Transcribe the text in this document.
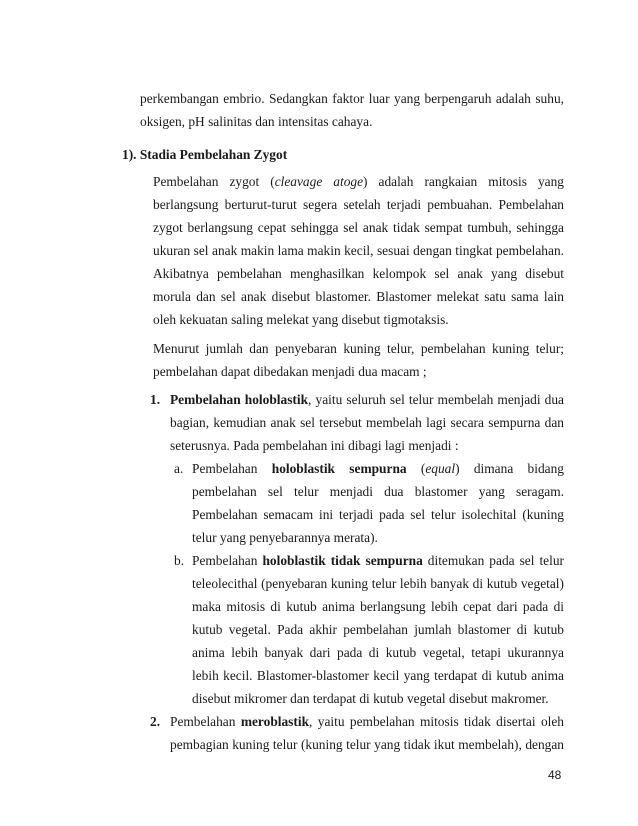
perkembangan embrio. Sedangkan faktor luar yang berpengaruh adalah suhu,
oksigen, pH salinitas dan intensitas cahaya.
1). Stadia Pembelahan Zygot
Pembelahan zygot (cleavage atoge) adalah rangkaian mitosis yang
berlangsung berturut-turut segera setelah terjadi pembuahan. Pembelahan
zygot berlangsung cepat sehingga sel anak tidak sempat tumbuh, sehingga
ukuran sel anak makin lama makin kecil, sesuai dengan tingkat pembelahan.
Akibatnya pembelahan menghasilkan kelompok sel anak yang disebut
morula dan sel anak disebut blastomer. Blastomer melekat satu sama lain
oleh kekuatan saling melekat yang disebut tigmotaksis.
Menurut jumlah dan penyebaran kuning telur, pembelahan kuning telur;
pembelahan dapat dibedakan menjadi dua macam ;
1. Pembelahan holoblastik, yaitu seluruh sel telur membelah menjadi dua
bagian, kemudian anak sel tersebut membelah lagi secara sempurna dan
seterusnya. Pada pembelahan ini dibagi lagi menjadi :
a. Pembelahan holoblastik sempurna (equal) dimana bidang
pembelahan sel telur menjadi dua blastomer yang seragam.
Pembelahan semacam ini terjadi pada sel telur isolechital (kuning
telur yang penyebarannya merata).
b. Pembelahan holoblastik tidak sempurna ditemukan pada sel telur
teleolecithal (penyebaran kuning telur lebih banyak di kutub vegetal)
maka mitosis di kutub anima berlangsung lebih cepat dari pada di
kutub vegetal. Pada akhir pembelahan jumlah blastomer di kutub
anima lebih banyak dari pada di kutub vegetal, tetapi ukurannya
lebih kecil. Blastomer-blastomer kecil yang terdapat di kutub anima
disebut mikromer dan terdapat di kutub vegetal disebut makromer.
2. Pembelahan meroblastik, yaitu pembelahan mitosis tidak disertai oleh
pembagian kuning telur (kuning telur yang tidak ikut membelah), dengan
48
